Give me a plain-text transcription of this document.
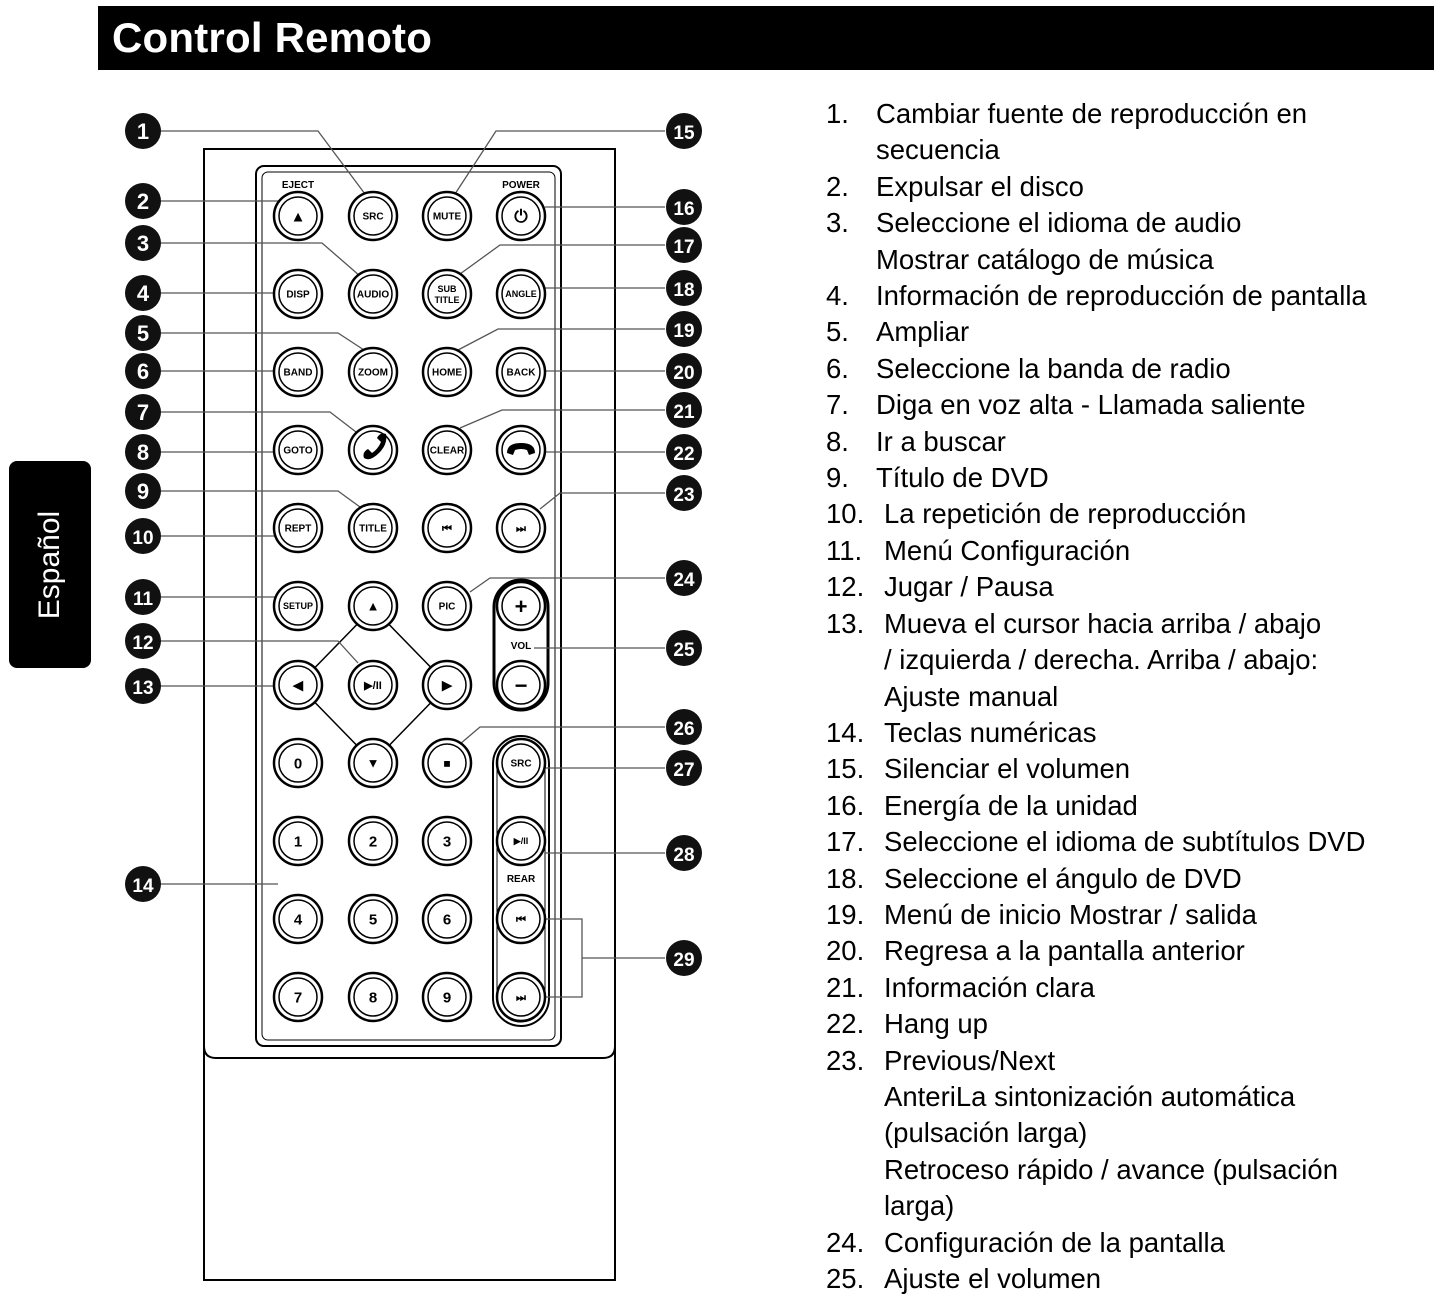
Control Remoto
Español
▲	SRC	MUTE	⏻
DISP	AUDIO
SUB
TITLE
ANGLE
BAND	ZOOM	HOME	BACK
GOTO	CLEAR
REPT	TITLE	⏮	⏭
SETUP	▲	PIC	+
◀	▶/II	▶	−
0	▼	■	SRC
1	2	3	▶/II
4	5	6	⏮
7	8	9	⏭
EJECT	POWER
VOL
REAR
1
2
3
4
5
6
7
8
9
10
11
12
13
14
15
16
17
18
19
20
21
22
23
24
25
26
27
28
29
1. Cambiar fuente de reproducción en
secuencia
2. Expulsar el disco
3. Seleccione el idioma de audio
Mostrar catálogo de música
4. Información de reproducción de pantalla
5. Ampliar
6. Seleccione la banda de radio
7. Diga en voz alta - Llamada saliente
8. Ir a buscar
9. Título de DVD
10. La repetición de reproducción
11. Menú Configuración
12. Jugar / Pausa
13. Mueva el cursor hacia arriba / abajo
/ izquierda / derecha. Arriba / abajo:
Ajuste manual
14. Teclas numéricas
15. Silenciar el volumen
16. Energía de la unidad
17. Seleccione el idioma de subtítulos DVD
18. Seleccione el ángulo de DVD
19. Menú de inicio Mostrar / salida
20. Regresa a la pantalla anterior
21. Información clara
22. Hang up
23. Previous/Next
AnteriLa sintonización automática
(pulsación larga)
Retroceso rápido / avance (pulsación
larga)
24. Configuración de la pantalla
25. Ajuste el volumen
